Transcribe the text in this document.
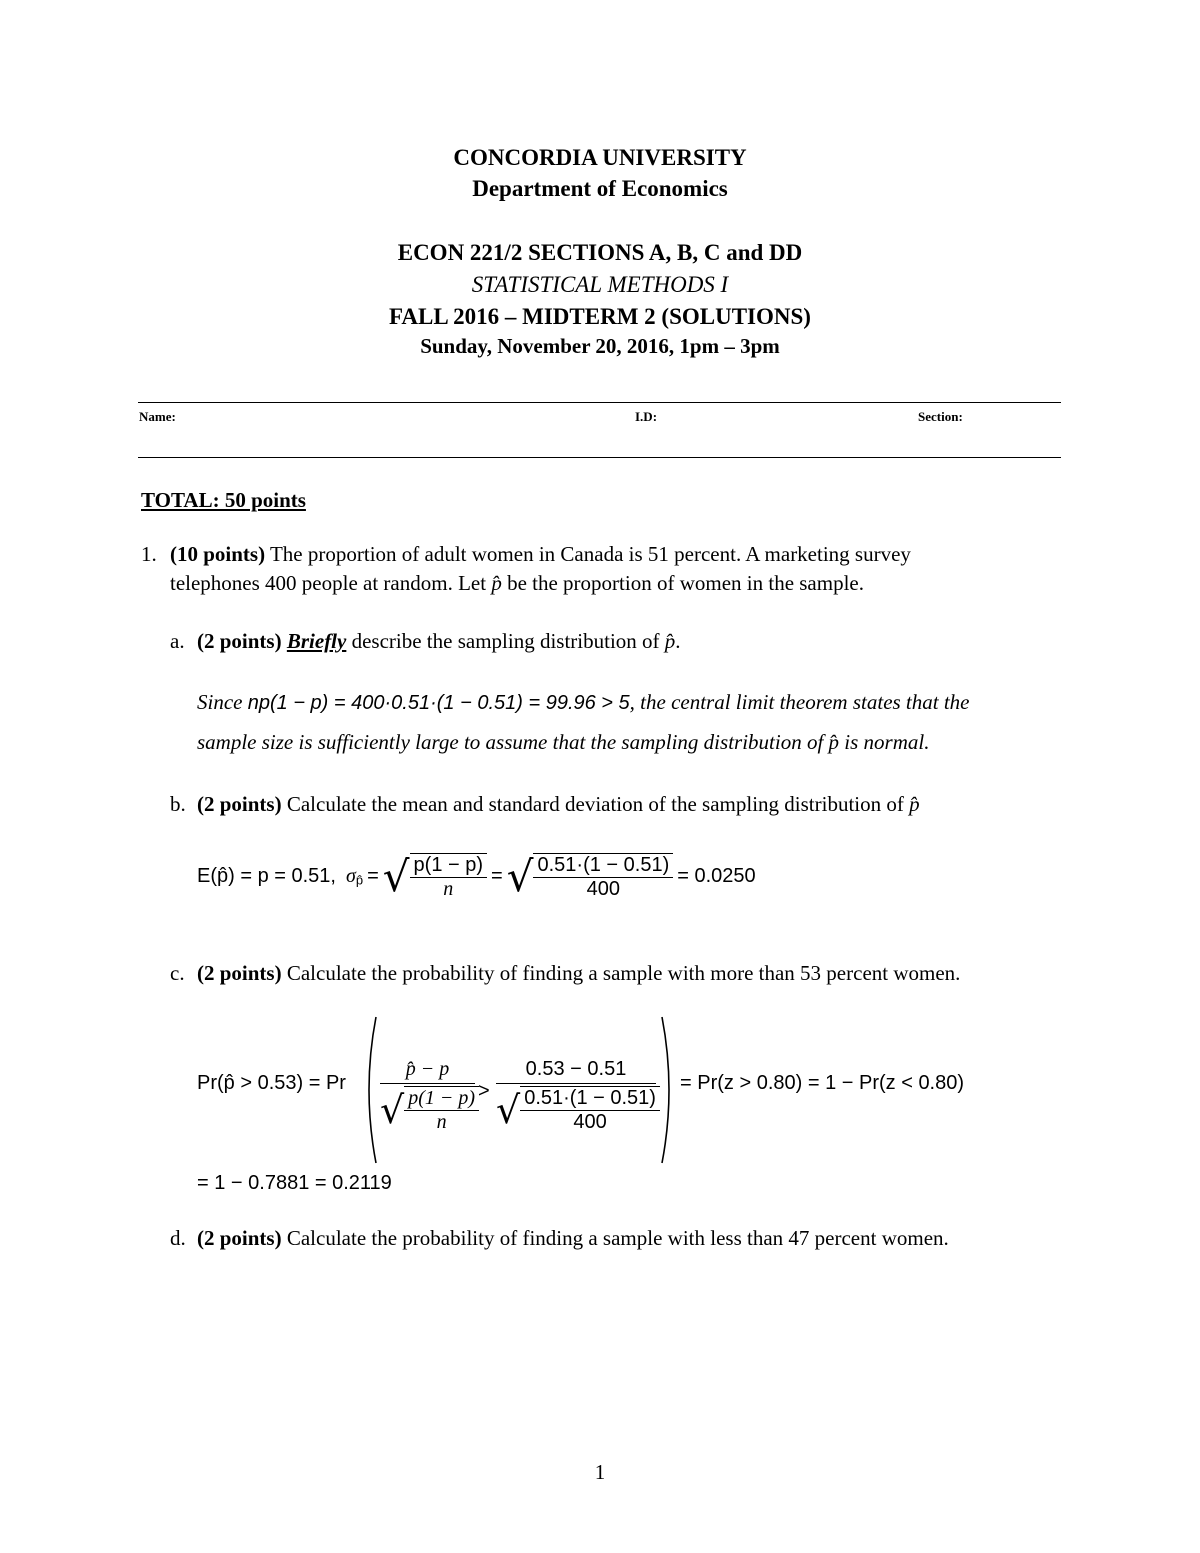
CONCORDIA UNIVERSITY
Department of Economics
ECON 221/2 SECTIONS A, B, C and DD
STATISTICAL METHODS I
FALL 2016 – MIDTERM 2 (SOLUTIONS)
Sunday, November 20, 2016, 1pm – 3pm
Name:	I.D:	Section:
TOTAL: 50 points
1. (10 points) The proportion of adult women in Canada is 51 percent. A marketing survey
telephones 400 people at random. Let p̂ be the proportion of women in the sample.
a. (2 points) Briefly describe the sampling distribution of p̂.
Since np(1 − p) = 400·0.51·(1 − 0.51) = 99.96 > 5, the central limit theorem states that the
sample size is sufficiently large to assume that the sampling distribution of p̂ is normal.
b. (2 points) Calculate the mean and standard deviation of the sampling distribution of p̂
E(p̂) = p = 0.51, $\sigma_{p̂}$ = √ $\frac{p(1 - p)}{n}$ = √ $\frac{0.51\cdot(1 - 0.51)}{400} = 0.0250$
c. (2 points) Calculate the probability of finding a sample with more than 53 percent women.
Pr(p̂ > 0.53) = Pr
p̂ − p
√ $\frac{p(1 - p)}{n}$
>
0.53 − 0.51
√ $\frac{0.51\cdot(1 - 0.51)}{400}$
= Pr(z > 0.80) = 1 − Pr(z < 0.80)
= 1 − 0.7881 = 0.2119
d. (2 points) Calculate the probability of finding a sample with less than 47 percent women.
1
